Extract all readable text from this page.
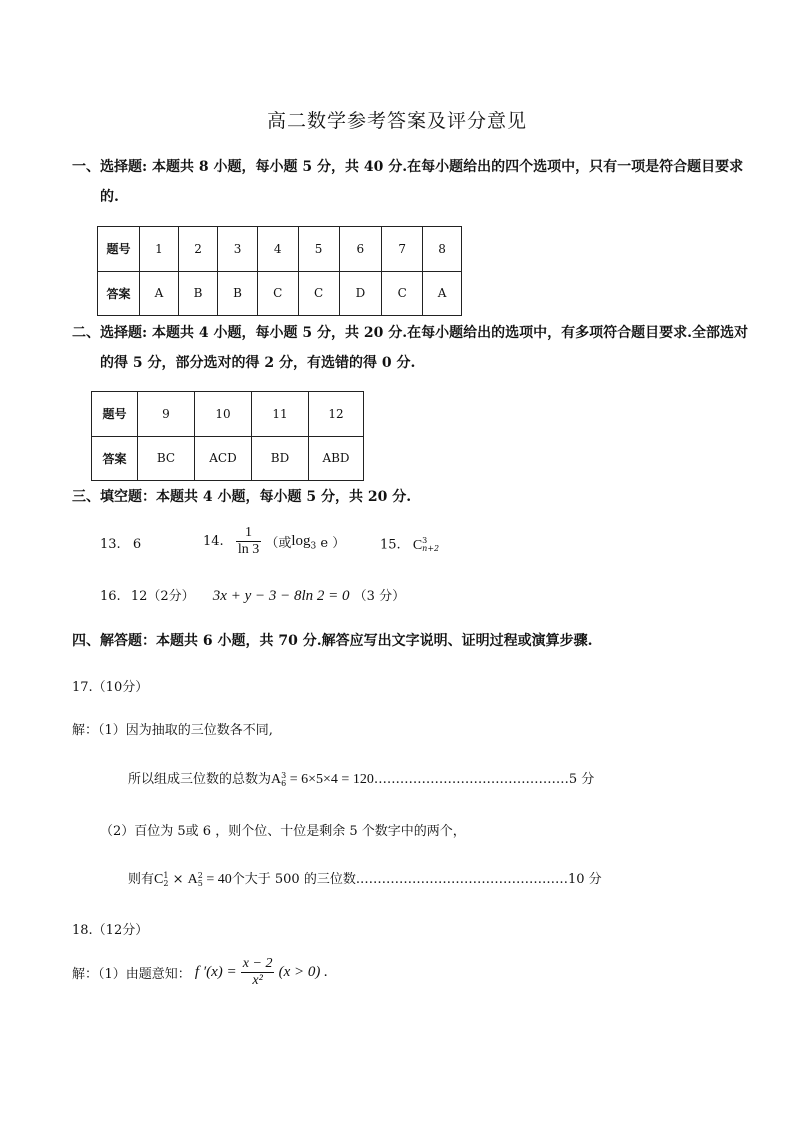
高二数学参考答案及评分意见
一、选择题: 本题共 8 小题，每小题 5 分，共 40 分.在每小题给出的四个选项中，只有一项是符合题目要求的.
题号	1	2	3	4	5	6	7	8
答案	A	B	B	C	C	D	C	A
二、选择题: 本题共 4 小题，每小题 5 分，共 20 分.在每小题给出的选项中，有多项符合题目要求.全部选对的得 5 分，部分选对的得 2 分，有选错的得 0 分.
题号	9	10	11	12
答案	BC	ACD	BD	ABD
三、填空题：本题共 4 小题，每小题 5 分，共 20 分.
13. 6	14. $\frac{1}{\ln 3}$ （或$\log_3 e$ ）	15. C 3
n+2
16. 12（2分） 3x + y − 3 − 8ln 2 = 0 （3 分）
四、解答题：本题共 6 小题，共 70 分.解答应写出文字说明、证明过程或演算步骤.
17.（10分）
解：（1）因为抽取的三位数各不同,
所以组成三位数的总数为A 3
6 = 6×5×4 = 120………………………………………5 分
（2）百位为 5或 6 ，则个位、十位是剩余 5 个数字中的两个，
则有C 1
2 × A 2
5 = 40个大于 500 的三位数.…………………………………………10 分
18.（12分）
解：（1）由题意知： f $'(x) = \frac{x - 2}{\text{x²}} (x > 0)$ .
